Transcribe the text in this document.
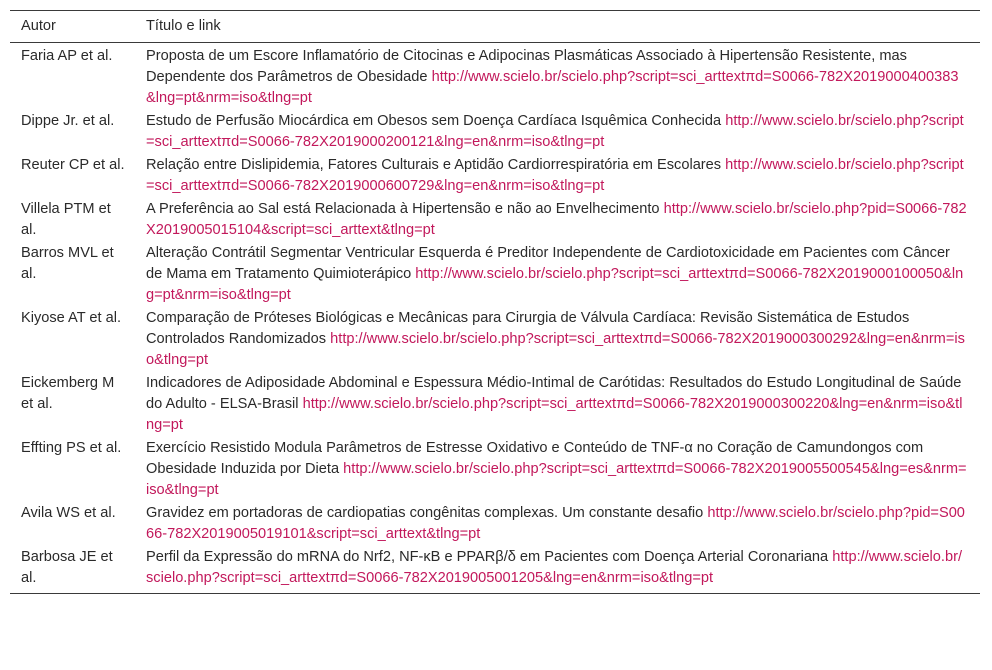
Autor	Título e link
Faria AP et al.	Proposta de um Escore Inflamatório de Citocinas e Adipocinas Plasmáticas Associado à Hipertensão Resistente, mas Dependente dos Parâmetros de Obesidade http://www.scielo.br/scielo.php?script=sci_arttextπd=S0066-782X2019000400383&lng=pt&nrm=iso&tlng=pt
Dippe Jr. et al.	Estudo de Perfusão Miocárdica em Obesos sem Doença Cardíaca Isquêmica Conhecida http://www.scielo.br/scielo.php?script=sci_arttextπd=S0066-782X2019000200121&lng=en&nrm=iso&tlng=pt
Reuter CP et al.	Relação entre Dislipidemia, Fatores Culturais e Aptidão Cardiorrespiratória em Escolares http://www.scielo.br/scielo.php?script=sci_arttextπd=S0066-782X2019000600729&lng=en&nrm=iso&tlng=pt
Villela PTM et al.	A Preferência ao Sal está Relacionada à Hipertensão e não ao Envelhecimento http://www.scielo.br/scielo.php?pid=S0066-782X2019005015104&script=sci_arttext&tlng=pt
Barros MVL et al.	Alteração Contrátil Segmentar Ventricular Esquerda é Preditor Independente de Cardiotoxicidade em Pacientes com Câncer de Mama em Tratamento Quimioterápico http://www.scielo.br/scielo.php?script=sci_arttextπd=S0066-782X2019000100050&lng=pt&nrm=iso&tlng=pt
Kiyose AT et al.	Comparação de Próteses Biológicas e Mecânicas para Cirurgia de Válvula Cardíaca: Revisão Sistemática de Estudos Controlados Randomizados http://www.scielo.br/scielo.php?script=sci_arttextπd=S0066-782X2019000300292&lng=en&nrm=iso&tlng=pt
Eickemberg M et al.	Indicadores de Adiposidade Abdominal e Espessura Médio-Intimal de Carótidas: Resultados do Estudo Longitudinal de Saúde do Adulto - ELSA-Brasil http://www.scielo.br/scielo.php?script=sci_arttextπd=S0066-782X2019000300220&lng=en&nrm=iso&tlng=pt
Effting PS et al.	Exercício Resistido Modula Parâmetros de Estresse Oxidativo e Conteúdo de TNF-α no Coração de Camundongos com Obesidade Induzida por Dieta http://www.scielo.br/scielo.php?script=sci_arttextπd=S0066-782X2019005500545&lng=es&nrm=iso&tlng=pt
Avila WS et al.	Gravidez em portadoras de cardiopatias congênitas complexas. Um constante desafio http://www.scielo.br/scielo.php?pid=S0066-782X2019005019101&script=sci_arttext&tlng=pt
Barbosa JE et al.	Perfil da Expressão do mRNA do Nrf2, NF-κB e PPARβ/δ em Pacientes com Doença Arterial Coronariana http://www.scielo.br/scielo.php?script=sci_arttextπd=S0066-782X2019005001205&lng=en&nrm=iso&tlng=pt
